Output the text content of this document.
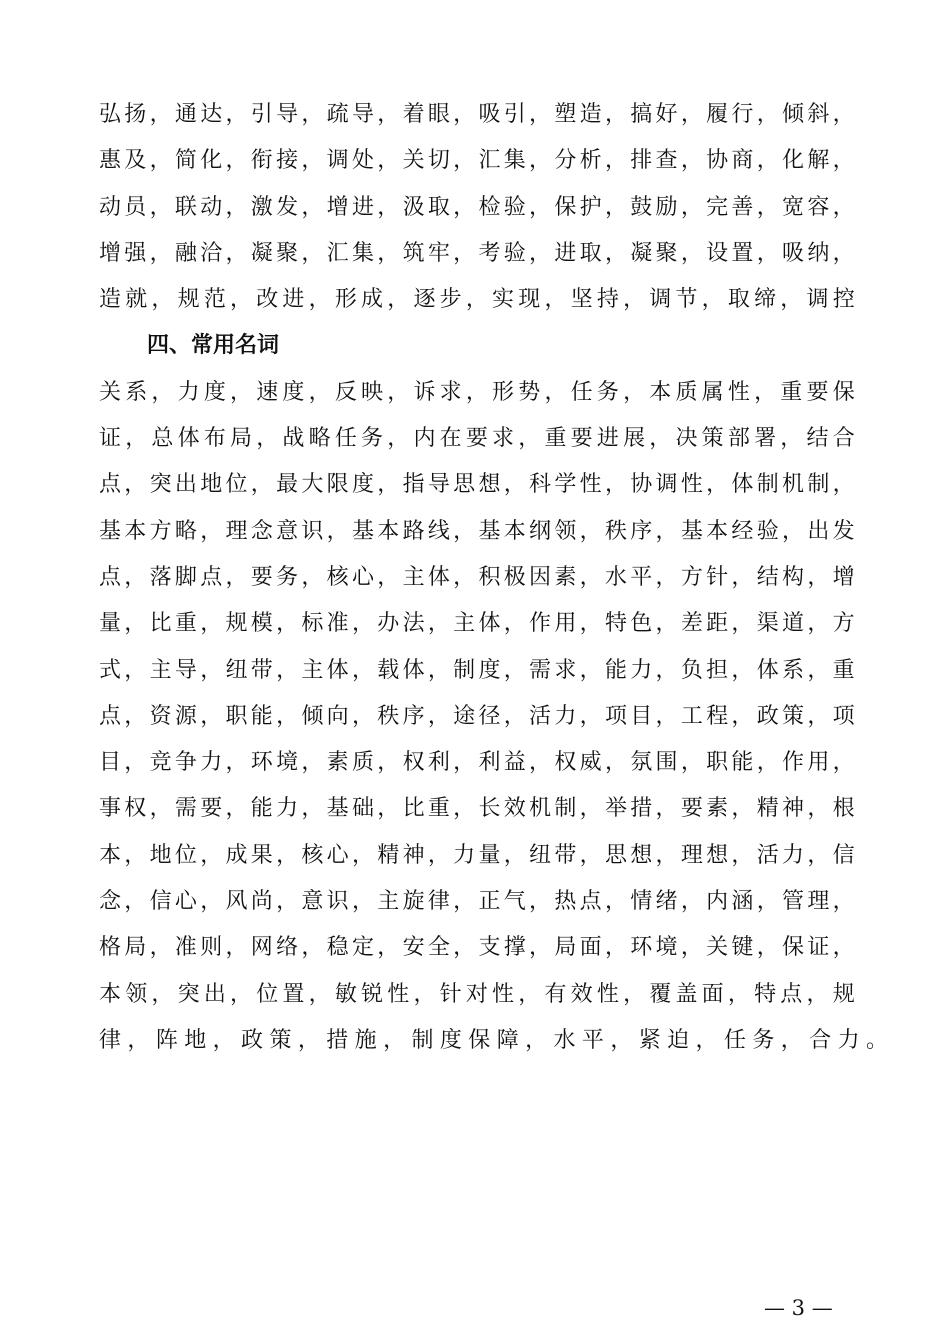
弘 扬 ， 通 达 ， 引 导 ， 疏 导 ， 着 眼 ， 吸 引 ， 塑 造 ， 搞 好 ， 履 行 ， 倾 斜 ，
惠 及 ， 简 化 ， 衔 接 ， 调 处 ， 关 切 ， 汇 集 ， 分 析 ， 排 查 ， 协 商 ， 化 解 ，
动 员 ， 联 动 ， 激 发 ， 增 进 ， 汲 取 ， 检 验 ， 保 护 ， 鼓 励 ， 完 善 ， 宽 容 ，
增 强 ， 融 洽 ， 凝 聚 ， 汇 集 ， 筑 牢 ， 考 验 ， 进 取 ， 凝 聚 ， 设 置 ， 吸 纳 ，
造 就 ， 规 范 ， 改 进 ， 形 成 ， 逐 步 ， 实 现 ， 坚 持 ， 调 节 ， 取 缔 ， 调 控
四、常用名词
关 系 ， 力 度 ， 速 度 ， 反 映 ， 诉 求 ， 形 势 ， 任 务 ， 本 质 属 性 ， 重 要 保
证 ， 总 体 布 局 ， 战 略 任 务 ， 内 在 要 求 ， 重 要 进 展 ， 决 策 部 署 ， 结 合
点 ， 突 出 地 位 ， 最 大 限 度 ， 指 导 思 想 ， 科 学 性 ， 协 调 性 ， 体 制 机 制 ，
基 本 方 略 ， 理 念 意 识 ， 基 本 路 线 ， 基 本 纲 领 ， 秩 序 ， 基 本 经 验 ， 出 发
点 ， 落 脚 点 ， 要 务 ， 核 心 ， 主 体 ， 积 极 因 素 ， 水 平 ， 方 针 ， 结 构 ， 增
量 ， 比 重 ， 规 模 ， 标 准 ， 办 法 ， 主 体 ， 作 用 ， 特 色 ， 差 距 ， 渠 道 ， 方
式 ， 主 导 ， 纽 带 ， 主 体 ， 载 体 ， 制 度 ， 需 求 ， 能 力 ， 负 担 ， 体 系 ， 重
点 ， 资 源 ， 职 能 ， 倾 向 ， 秩 序 ， 途 径 ， 活 力 ， 项 目 ， 工 程 ， 政 策 ， 项
目 ， 竞 争 力 ， 环 境 ， 素 质 ， 权 利 ， 利 益 ， 权 威 ， 氛 围 ， 职 能 ， 作 用 ，
事 权 ， 需 要 ， 能 力 ， 基 础 ， 比 重 ， 长 效 机 制 ， 举 措 ， 要 素 ， 精 神 ， 根
本 ， 地 位 ， 成 果 ， 核 心 ， 精 神 ， 力 量 ， 纽 带 ， 思 想 ， 理 想 ， 活 力 ， 信
念 ， 信 心 ， 风 尚 ， 意 识 ， 主 旋 律 ， 正 气 ， 热 点 ， 情 绪 ， 内 涵 ， 管 理 ，
格 局 ， 准 则 ， 网 络 ， 稳 定 ， 安 全 ， 支 撑 ， 局 面 ， 环 境 ， 关 键 ， 保 证 ，
本 领 ， 突 出 ， 位 置 ， 敏 锐 性 ， 针 对 性 ， 有 效 性 ， 覆 盖 面 ， 特 点 ， 规
律 ， 阵 地 ， 政 策 ， 措 施 ， 制 度 保 障 ， 水 平 ， 紧 迫 ， 任 务 ， 合 力 。
— 3 —
